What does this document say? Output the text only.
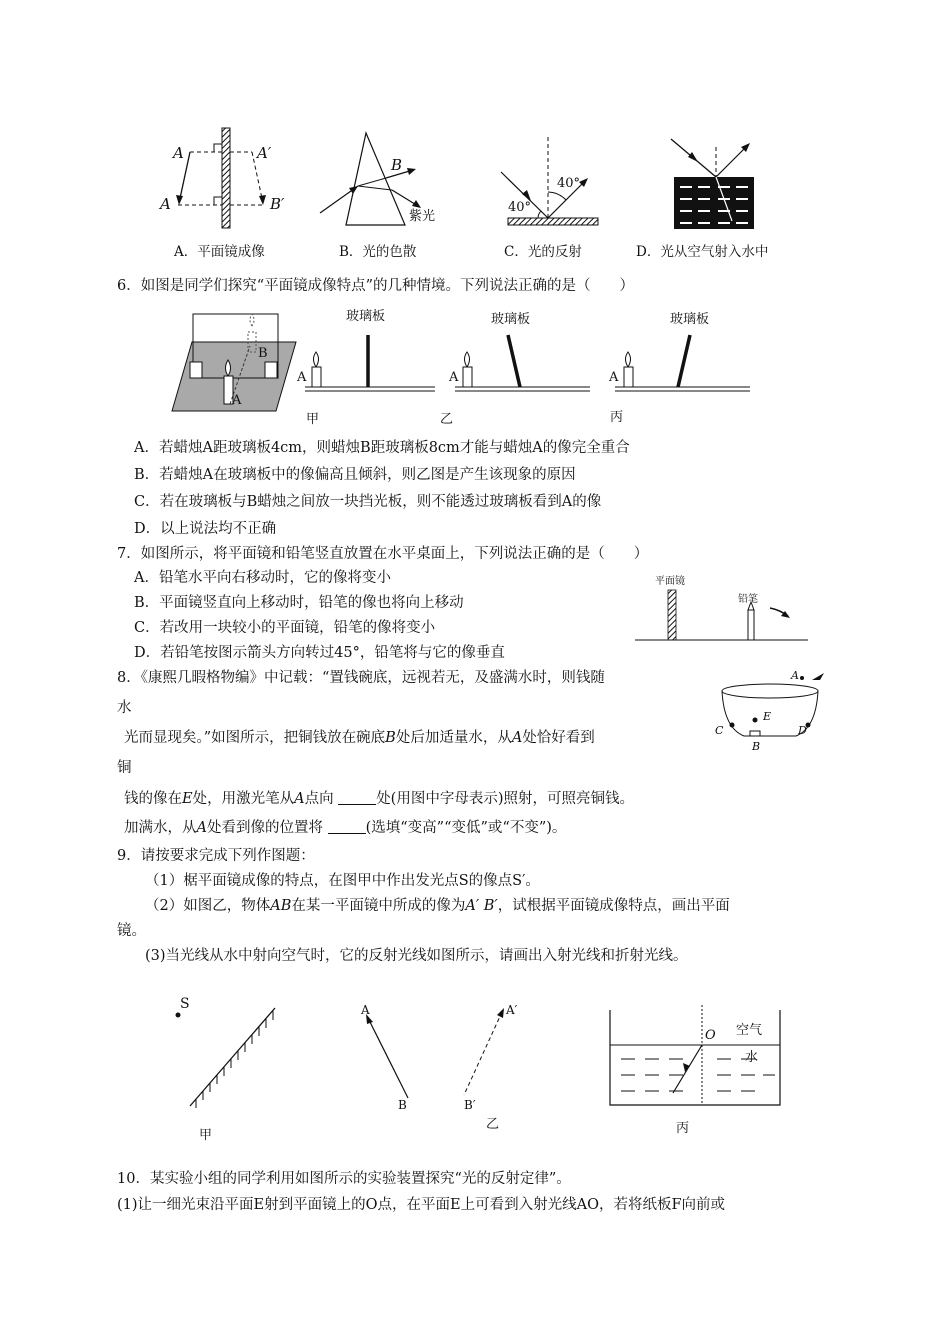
A	A′
A	B′
A．平面镜成像
B
紫光
B．光的色散
40°
40°
C．光的反射	D．光从空气射入水中
6．如图是同学们探究“平面镜成像特点”的几种情境。下列说法正确的是（　　）
B
A
甲
玻璃板	玻璃板	玻璃板
A	A	A
乙	丙
A．若蜡烛A距玻璃板4cm，则蜡烛B距玻璃板8cm才能与蜡烛A的像完全重合
B．若蜡烛A在玻璃板中的像偏高且倾斜，则乙图是产生该现象的原因
C．若在玻璃板与B蜡烛之间放一块挡光板，则不能透过玻璃板看到A的像
D．以上说法均不正确
7．如图所示，将平面镜和铅笔竖直放置在水平桌面上，下列说法正确的是（　　）
A．铅笔水平向右移动时，它的像将变小
B．平面镜竖直向上移动时，铅笔的像也将向上移动
C．若改用一块较小的平面镜，铅笔的像将变小
D．若铅笔按图示箭头方向转过45°，铅笔将与它的像垂直
平面镜
铅笔
8．《康熙几暇格物编》中记载：“置钱碗底，远视若无，及盛满水时，则钱随
水
光而显现矣。”如图所示，把铜钱放在碗底B处后加适量水，从A处恰好看到
铜
钱的像在E处，用激光笔从A点向	处(用图中字母表示)照射，可照亮铜钱。
加满水，从A处看到像的位置将	(选填“变高”“变低”或“不变”)。
A
E
C	D
B
9．请按要求完成下列作图题：
（1）椐平面镜成像的特点，在图甲中作出发光点S的像点S′。
（2）如图乙，物体AB在某一平面镜中所成的像为A′ B′，试根据平面镜成像特点，画出平面
镜。
(3)当光线从水中射向空气时，它的反射光线如图所示，请画出入射光线和折射光线。
S
甲
A
B
A′
B′
乙
O 空气
水
丙
10．某实验小组的同学利用如图所示的实验装置探究“光的反射定律”。
(1)让一细光束沿平面E射到平面镜上的O点，在平面E上可看到入射光线AO，若将纸板F向前或
